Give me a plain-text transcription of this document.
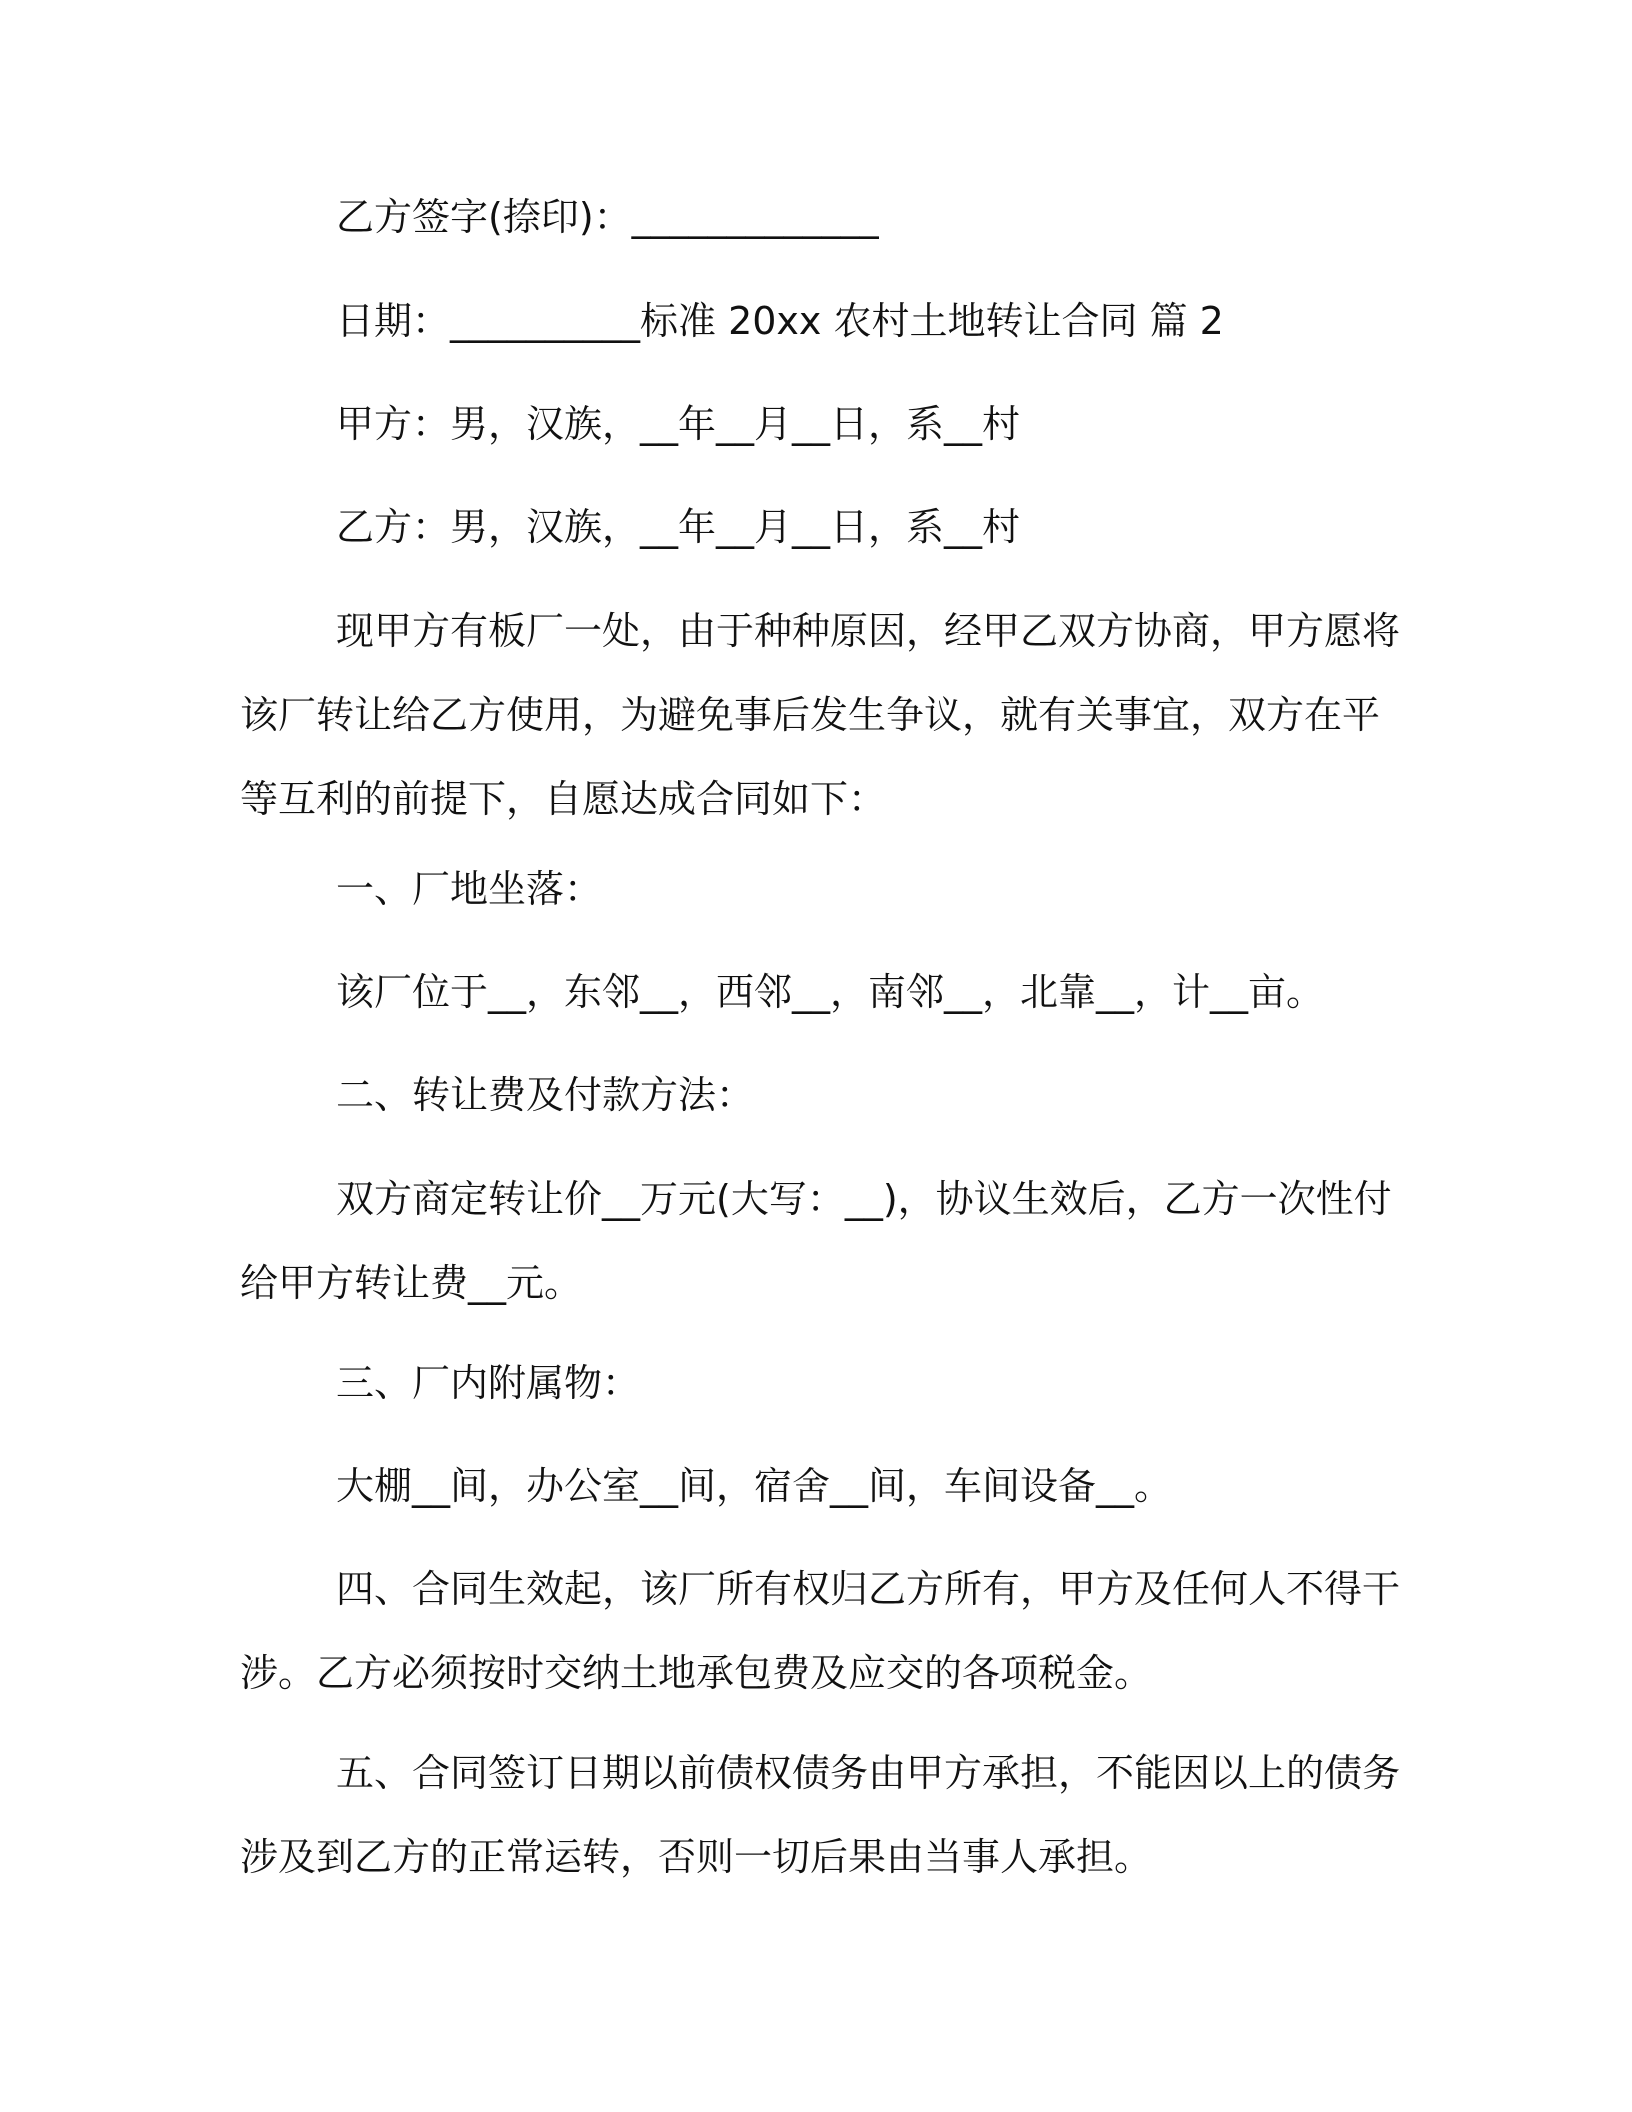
乙方签字(捺印)：_____________

日期：__________标准 20xx 农村土地转让合同 篇 2

甲方：男，汉族，__年__月__日，系__村

乙方：男，汉族，__年__月__日，系__村

现甲方有板厂一处，由于种种原因，经甲乙双方协商，甲方愿将
该厂转让给乙方使用，为避免事后发生争议，就有关事宜，双方在平
等互利的前提下，自愿达成合同如下：

一、厂地坐落：

该厂位于__，东邻__，西邻__，南邻__，北靠__，计__亩。

二、转让费及付款方法：

双方商定转让价__万元(大写：__)，协议生效后，乙方一次性付
给甲方转让费__元。

三、厂内附属物：

大棚__间，办公室__间，宿舍__间，车间设备__。

四、合同生效起，该厂所有权归乙方所有，甲方及任何人不得干
涉。乙方必须按时交纳土地承包费及应交的各项税金。
五、合同签订日期以前债权债务由甲方承担，不能因以上的债务
涉及到乙方的正常运转，否则一切后果由当事人承担。
